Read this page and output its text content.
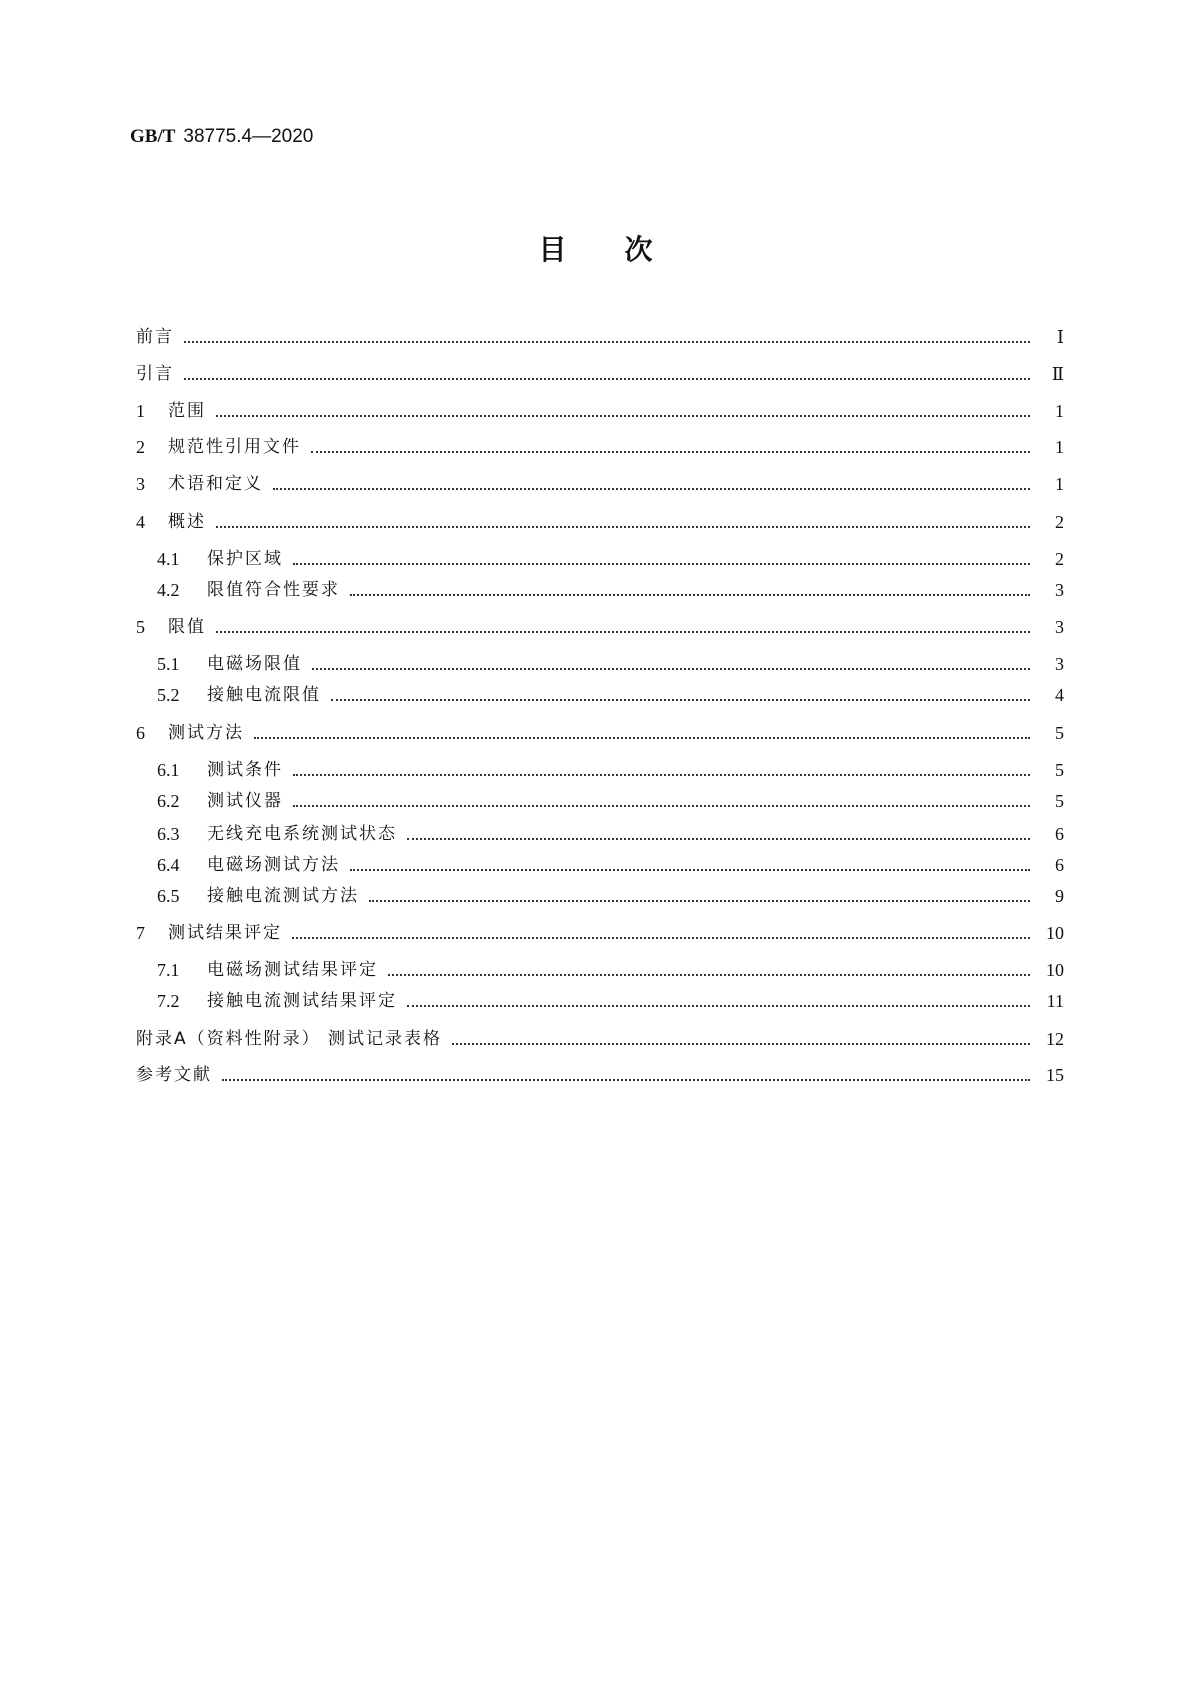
GB/T 38775.4—2020
目次
前言	Ⅰ
引言	Ⅱ
1	范围	1
2	规范性引用文件	1
3	术语和定义	1
4	概述	2
4.1	保护区域	2
4.2	限值符合性要求	3
5	限值	3
5.1	电磁场限值	3
5.2	接触电流限值	4
6	测试方法	5
6.1	测试条件	5
6.2	测试仪器	5
6.3	无线充电系统测试状态	6
6.4	电磁场测试方法	6
6.5	接触电流测试方法	9
7	测试结果评定	10
7.1	电磁场测试结果评定	10
7.2	接触电流测试结果评定	11
附录A（资料性附录） 测试记录表格	12
参考文献	15
